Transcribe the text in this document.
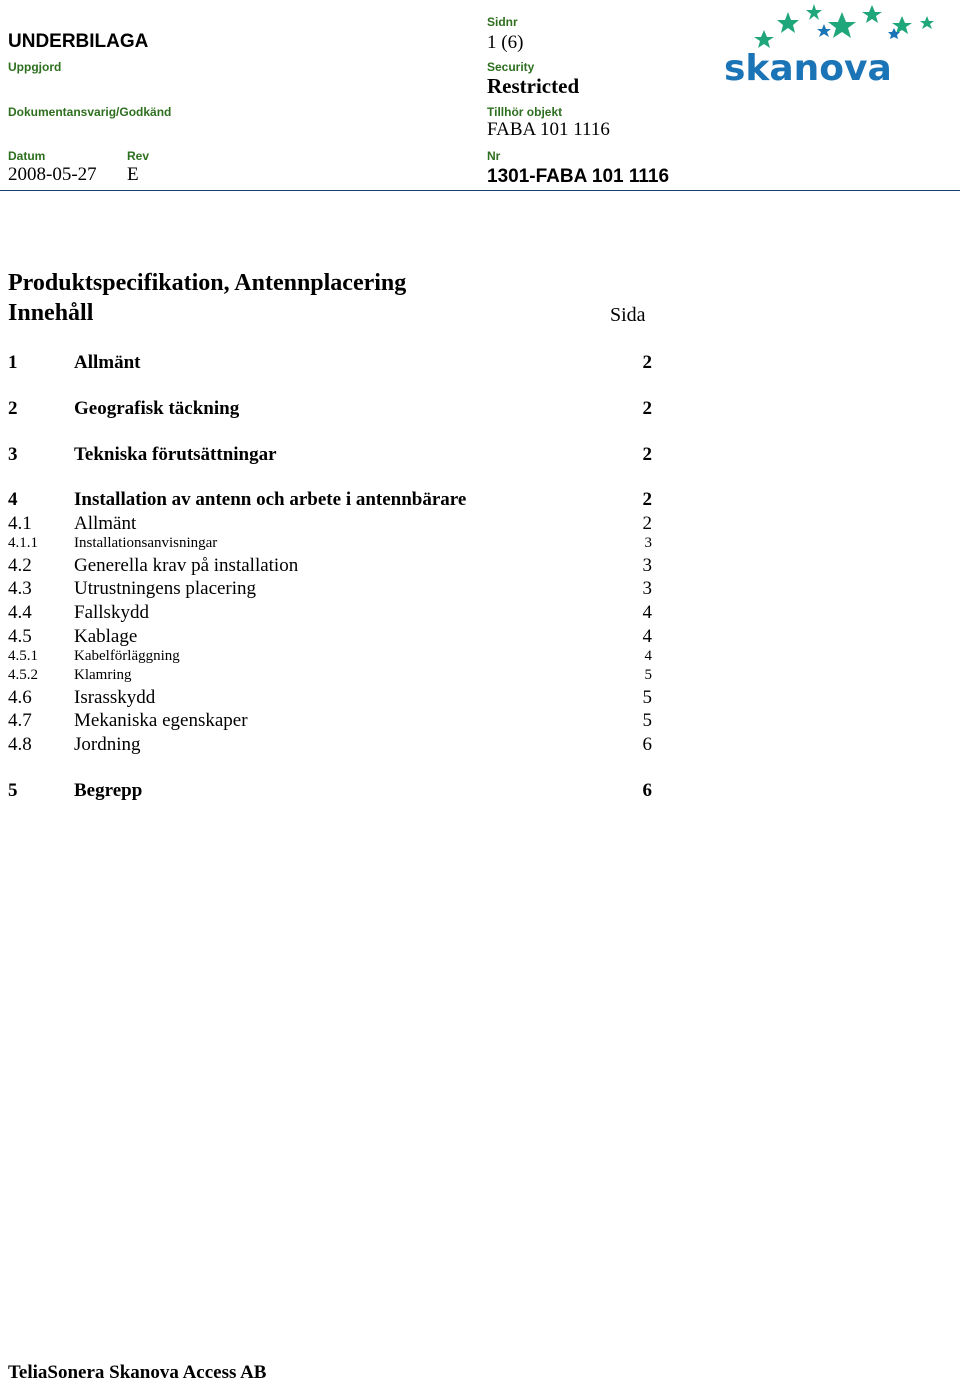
UNDERBILAGA
Uppgjord
Dokumentansvarig/Godkänd
Datum
2008-05-27
Rev
E
Sidnr
1 (6)
Security
Restricted
Tillhör objekt
FABA 101 1116
Nr
1301-FABA 101 1116
skanova
Produktspecifikation, Antennplacering
Innehåll	Sida
1	Allmänt	2
2	Geografisk täckning	2
3	Tekniska förutsättningar	2
4	Installation av antenn och arbete i antennbärare	2
4.1 Allmänt	2
4.1.1 Installationsanvisningar	3
4.2 Generella krav på installation	3
4.3 Utrustningens placering	3
4.4 Fallskydd	4
4.5 Kablage	4
4.5.1 Kabelförläggning	4
4.5.2 Klamring	5
4.6 Israsskydd	5
4.7 Mekaniska egenskaper	5
4.8 Jordning	6
5	Begrepp	6
TeliaSonera Skanova Access AB
